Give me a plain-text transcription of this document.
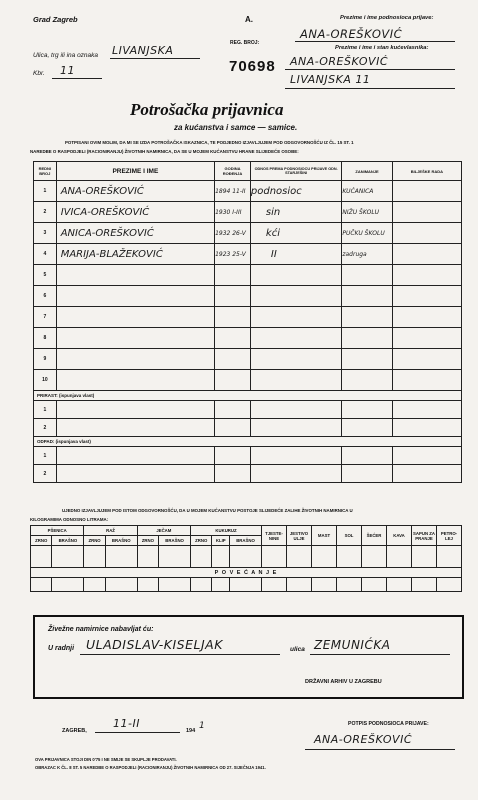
Grad Zagreb
Ulica, trg ili ina oznaka LIVANJSKA
Kbr. 11
A.
REG. BROJ:
70698
Prezime i ime podnosioca prijave:
ANA-OREŠKOVIĆ
Prezime i ime i stan kućevlasnika:
ANA-OREŠKOVIĆ
LIVANJSKA 11
Potrošačka prijavnica
za kućanstva i samce — samice.
POTPISANI OVIM MOLIM, DA MI SE IZDA POTROŠAČKA ISKAZNICA, TE PODJEDNO IZJAVLJUJEM POD ODGOVORNOŠĆU IZ ČL. 15 ST. 1
NAREDBE O RASPODJELI (RACIONIRANJU) ŽIVOTNIH NAMIRNICA, DA SE U MOJEM KUĆANSTVU HRANE SLIJEDEĆE OSOBE:
REDNI BROJ	PREZIME I IME	GODINA ROĐENJA	ODNOS PREMA PODNOSIOCU PRIJAVE ODN. STARJEŠINI	ZANIMANJE	BILJEŠKE RADA
1	ANA-OREŠKOVIĆ	1894 11-II	podnosioc	KUĆANICA	
2	IVICA-OREŠKOVIĆ	1930 I-III	sin	NIŽU ŠKOLU	
3	ANICA-OREŠKOVIĆ	1932 26-V	kći	PUČKU ŠKOLU	
4	MARIJA-BLAŽEKOVIĆ	1923 25-V	II	zadruga	
5					
6					
7					
8					
9					
10					
PRIRAST: (ispunjava vlast)					
1					
2					
ODPAD: (ispunjava vlast)					
1					
2					
UJEDNO IZJAVLJUJEM POD ISTOM ODGOVORNOŠĆU, DA U MOJEM KUĆANSTVU POSTOJE SLIJEDEĆE ZALIHE ŽIVOTNIH NAMIRNICA U
KILOGRAMIMA ODNOSNO LITRAMA:
PŠENICA		RAŽ		JEČAM		KUKURUZ			TJESTE-NINE	JESTIVO ULJE	MAST	SOL	ŠEĆER	KAVA	SAPUN ZA PRANJE	PETRO-LEJ
ZRNO	BRAŠNO	ZRNO	BRAŠNO	ZRNO	BRAŠNO	ZRNO	KLIP	BRAŠNO								

P O V E Ć A N J E																

Živežne namirnice nabavljat ću:
U radnji ULADISLAV-KISELJAK	ulica ZEMUNIĆKA
DRŽAVNI ARHIV U ZAGREBU
ZAGREB,
11-II
194 1	POTPIS PODNOSIOCA PRIJAVE:
ANA-OREŠKOVIĆ
OVA PRIJAVNICA STOJI DIN 0'75 I NE SMIJE SE SKUPLJE PRODAVATI.
OBRAZAC K ČL. 8 ST. 5 NAREDBE O RASPODJELI (RACIONIRANJU) ŽIVOTNIH NAMIRNICA OD 27. SIJEČNJA 1941.
